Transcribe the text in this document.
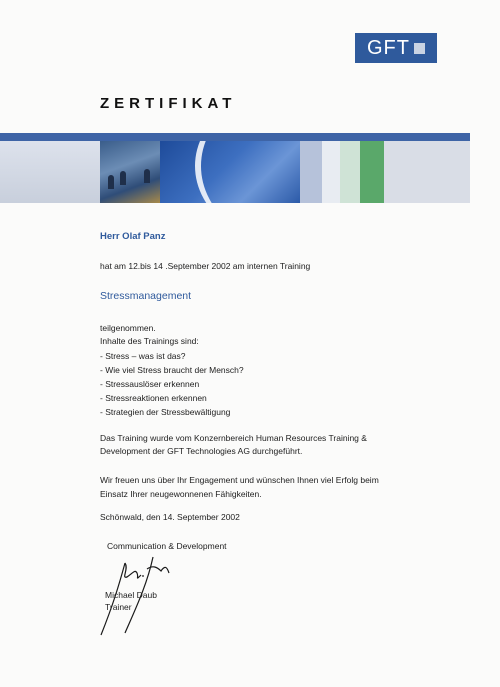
GFT
ZERTIFIKAT
Herr Olaf Panz
hat am 12.bis 14 .September 2002 am internen Training
Stressmanagement
teilgenommen.
Inhalte des Trainings sind:
- Stress – was ist das?
- Wie viel Stress braucht der Mensch?
- Stressauslöser erkennen
- Stressreaktionen erkennen
- Strategien der Stressbewältigung
Das Training wurde vom Konzernbereich Human Resources Training &
Development der GFT Technologies AG durchgeführt.
Wir freuen uns über Ihr Engagement und wünschen Ihnen viel Erfolg beim
Einsatz Ihrer neugewonnenen Fähigkeiten.
Schönwald, den 14. September 2002
Communication & Development
Michael Daub
Trainer
